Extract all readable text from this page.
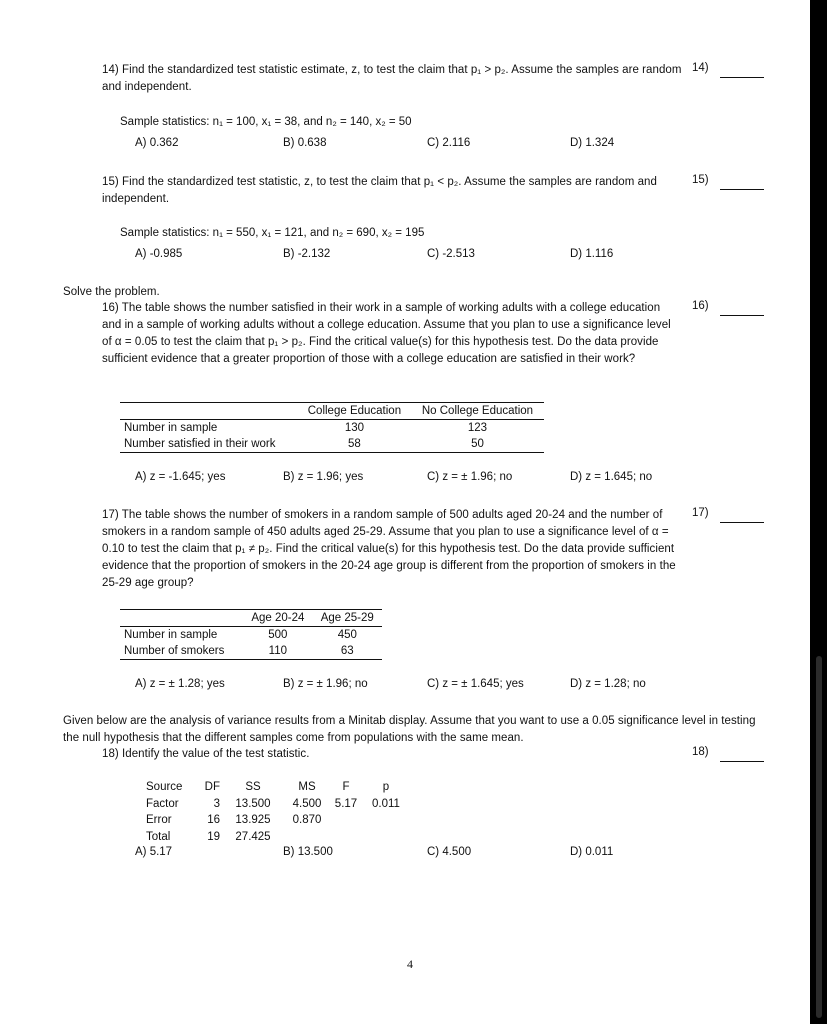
14) Find the standardized test statistic estimate, z, to test the claim that p₁ > p₂. Assume the samples are random and independent.
14)
Sample statistics: n₁ = 100, x₁ = 38, and n₂ = 140, x₂ = 50
A) 0.362	B) 0.638	C) 2.116	D) 1.324
15) Find the standardized test statistic, z, to test the claim that p₁ < p₂. Assume the samples are random and independent.
15)
Sample statistics: n₁ = 550, x₁ = 121, and n₂ = 690, x₂ = 195
A) -0.985	B) -2.132	C) -2.513	D) 1.116
Solve the problem.
16) The table shows the number satisfied in their work in a sample of working adults with a college education and in a sample of working adults without a college education. Assume that you plan to use a significance level of α = 0.05 to test the claim that p₁ > p₂. Find the critical value(s) for this hypothesis test. Do the data provide sufficient evidence that a greater proportion of those with a college education are satisfied in their work?
16)
	College Education	No College Education
Number in sample	130	123
Number satisfied in their work	58	50
A) z = -1.645; yes	B) z = 1.96; yes	C) z = ± 1.96; no	D) z = 1.645; no
17) The table shows the number of smokers in a random sample of 500 adults aged 20-24 and the number of smokers in a random sample of 450 adults aged 25-29. Assume that you plan to use a significance level of α = 0.10 to test the claim that p₁ ≠ p₂. Find the critical value(s) for this hypothesis test. Do the data provide sufficient evidence that the proportion of smokers in the 20-24 age group is different from the proportion of smokers in the 25-29 age group?
17)
	Age 20-24	Age 25-29
Number in sample	500	450
Number of smokers	110	63
A) z = ± 1.28; yes	B) z = ± 1.96; no	C) z = ± 1.645; yes	D) z = 1.28; no
Given below are the analysis of variance results from a Minitab display. Assume that you want to use a 0.05 significance level in testing the null hypothesis that the different samples come from populations with the same mean.
18) Identify the value of the test statistic.	18)
Source	DF	SS	MS	F	p
Factor	3	13.500	4.500	5.17	0.011
Error	16	13.925	0.870		
Total	19	27.425			
A) 5.17	B) 13.500	C) 4.500	D) 0.011
4
